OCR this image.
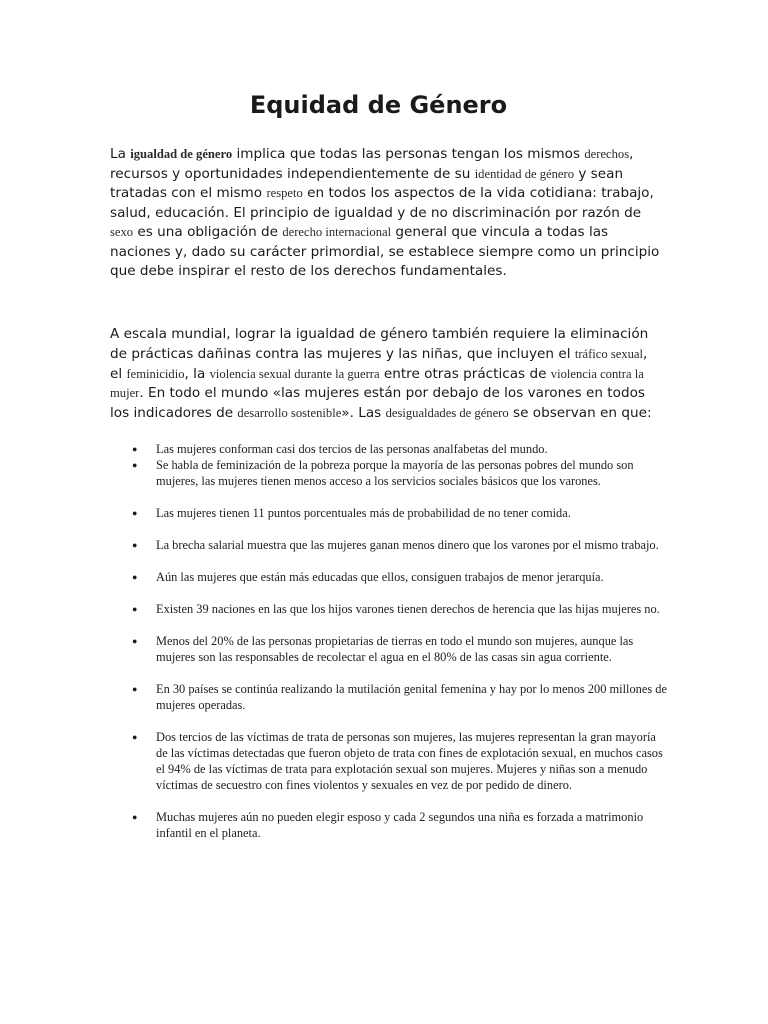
Equidad de Género

La igualdad de género implica que todas las personas tengan los mismos derechos, recursos y oportunidades independientemente de su identidad de género y sean tratadas con el mismo respeto en todos los aspectos de la vida cotidiana: trabajo, salud, educación. El principio de igualdad y de no discriminación por razón de sexo es una obligación de derecho internacional general que vincula a todas las naciones y, dado su carácter primordial, se establece siempre como un principio que debe inspirar el resto de los derechos fundamentales.

A escala mundial, lograr la igualdad de género también requiere la eliminación de prácticas dañinas contra las mujeres y las niñas, que incluyen el tráfico sexual, el feminicidio, la violencia sexual durante la guerra entre otras prácticas de violencia contra la mujer. En todo el mundo «las mujeres están por debajo de los varones en todos los indicadores de desarrollo sostenible». Las desigualdades de género se observan en que:

● Las mujeres conforman casi dos tercios de las personas analfabetas del mundo.
● Se habla de feminización de la pobreza porque la mayoría de las personas pobres del mundo son mujeres, las mujeres tienen menos acceso a los servicios sociales básicos que los varones.
● Las mujeres tienen 11 puntos porcentuales más de probabilidad de no tener comida.
● La brecha salarial muestra que las mujeres ganan menos dinero que los varones por el mismo trabajo.
● Aún las mujeres que están más educadas que ellos, consiguen trabajos de menor jerarquía.
● Existen 39 naciones en las que los hijos varones tienen derechos de herencia que las hijas mujeres no.
● Menos del 20% de las personas propietarias de tierras en todo el mundo son mujeres, aunque las mujeres son las responsables de recolectar el agua en el 80% de las casas sin agua corriente.
● En 30 países se continúa realizando la mutilación genital femenina y hay por lo menos 200 millones de mujeres operadas.
● Dos tercios de las víctimas de trata de personas son mujeres, las mujeres representan la gran mayoría de las víctimas detectadas que fueron objeto de trata con fines de explotación sexual, en muchos casos el 94% de las víctimas de trata para explotación sexual son mujeres. Mujeres y niñas son a menudo víctimas de secuestro con fines violentos y sexuales en vez de por pedido de dinero.
● Muchas mujeres aún no pueden elegir esposo y cada 2 segundos una niña es forzada a matrimonio infantil en el planeta.
